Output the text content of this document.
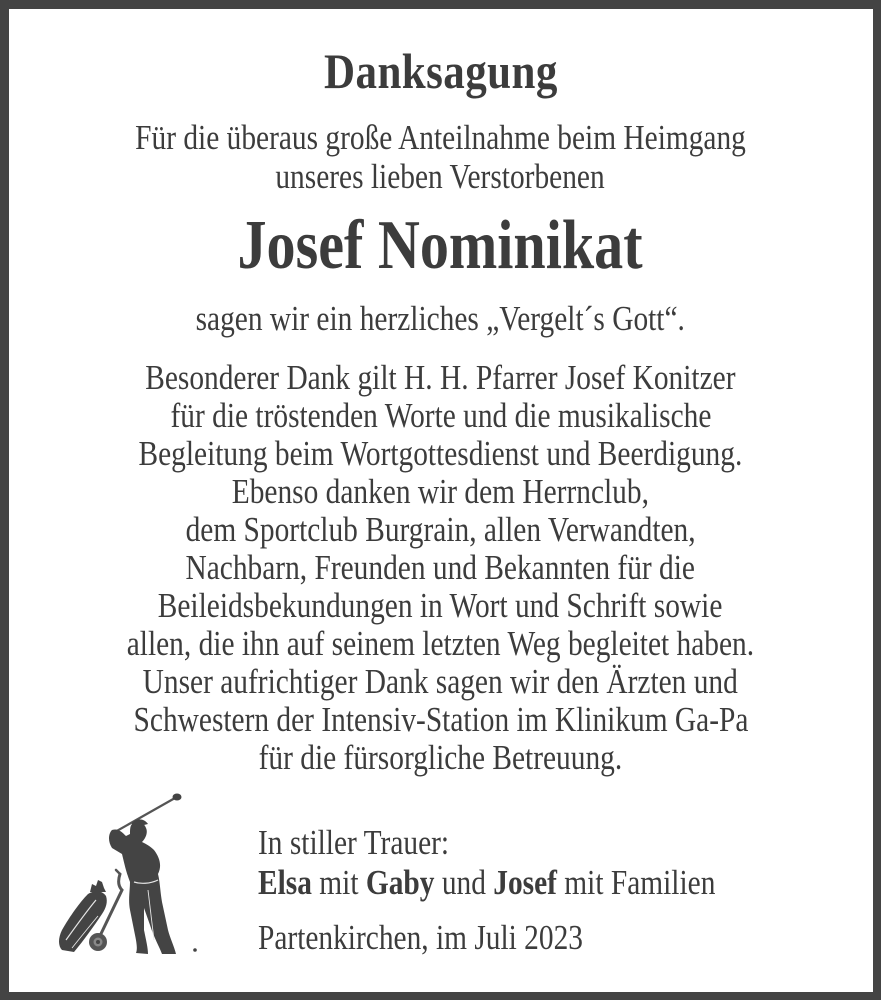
Danksagung
Für die überaus große Anteilnahme beim Heimgang
unseres lieben Verstorbenen
Josef Nominikat
sagen wir ein herzliches „Vergelt´s Gott“.
Besonderer Dank gilt H. H. Pfarrer Josef Konitzer
für die tröstenden Worte und die musikalische
Begleitung beim Wortgottesdienst und Beerdigung.
Ebenso danken wir dem Herrnclub,
dem Sportclub Burgrain, allen Verwandten,
Nachbarn, Freunden und Bekannten für die
Beileidsbekundungen in Wort und Schrift sowie
allen, die ihn auf seinem letzten Weg begleitet haben.
Unser aufrichtiger Dank sagen wir den Ärzten und
Schwestern der Intensiv-Station im Klinikum Ga-Pa
für die fürsorgliche Betreuung.
In stiller Trauer:
Elsa mit Gaby und Josef mit Familien
Partenkirchen, im Juli 2023
